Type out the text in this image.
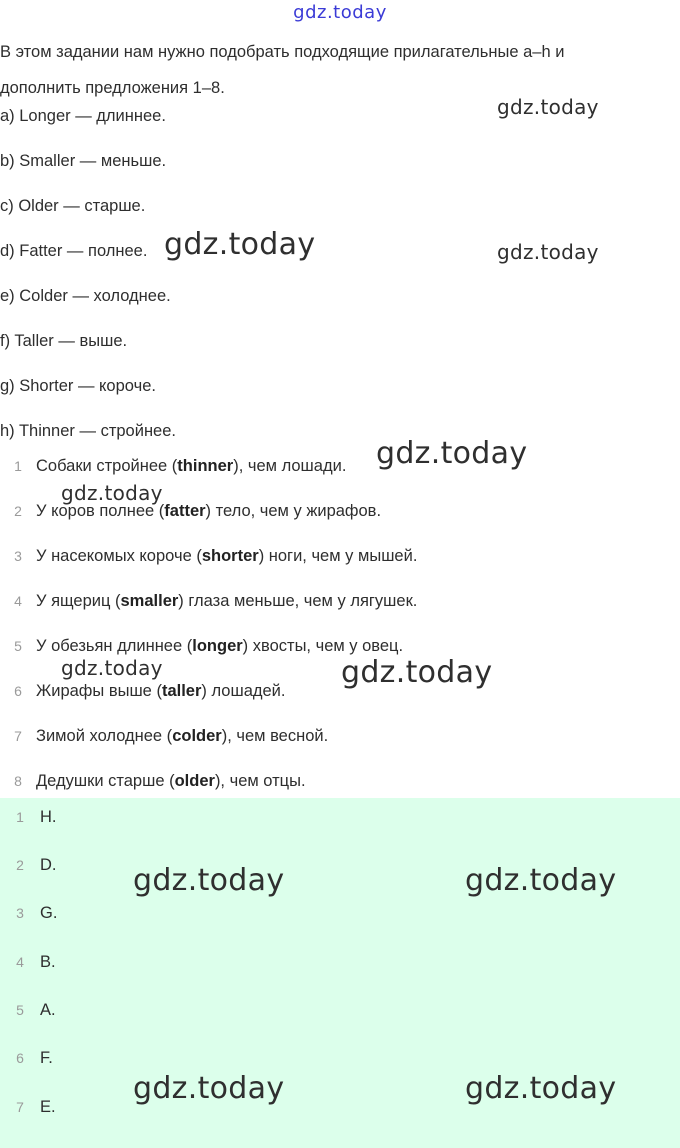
gdz.today
В этом задании нам нужно подобрать подходящие прилагательные a–h и
дополнить предложения 1–8.
a) Longer — длиннее.
b) Smaller — меньше.
c) Older — старше.
d) Fatter — полнее.
e) Colder — холоднее.
f) Taller — выше.
g) Shorter — короче.
h) Thinner — стройнее.
1 Собаки стройнее (thinner), чем лошади.
2 У коров полнее (fatter) тело, чем у жирафов.
3 У насекомых короче (shorter) ноги, чем у мышей.
4 У ящериц (smaller) глаза меньше, чем у лягушек.
5 У обезьян длиннее (longer) хвосты, чем у овец.
6 Жирафы выше (taller) лошадей.
7 Зимой холоднее (colder), чем весной.
8 Дедушки старше (older), чем отцы.
1 H.
2 D.
3 G.
4 B.
5 A.
6 F.
7 E.
gdz.today
gdz.today
gdz.today
gdz.today
gdz.today
gdz.today	gdz.today
gdz.today	gdz.today
gdz.today	gdz.today
